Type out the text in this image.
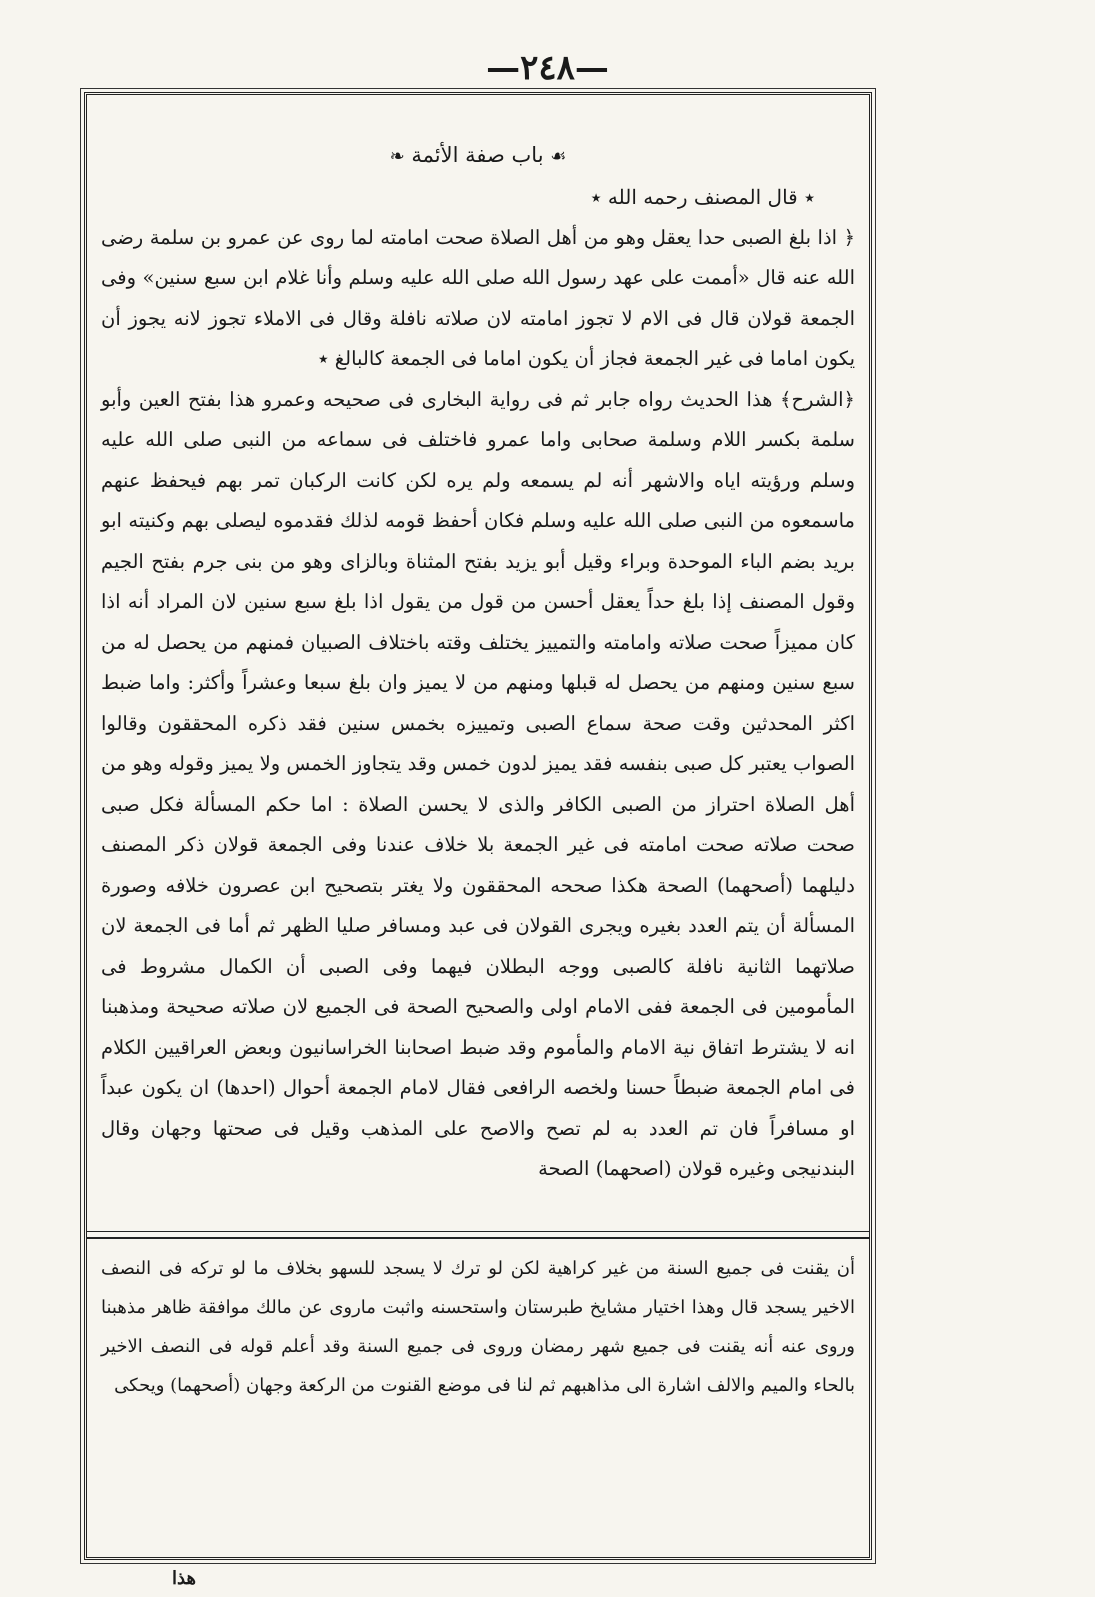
—٢٤٨—

☙ باب صفة الأئمة ❧

٭ قال المصنف رحمه الله ٭

﴿ اذا بلغ الصبى حدا يعقل وهو من أهل الصلاة صحت امامته لما روى عن عمرو بن سلمة رضى الله عنه قال «أممت على عهد رسول الله صلى الله عليه وسلم وأنا غلام ابن سبع سنين» وفى الجمعة قولان قال فى الام لا تجوز امامته لان صلاته نافلة وقال فى الاملاء تجوز لانه يجوز أن يكون اماما فى غير الجمعة فجاز أن يكون اماما فى الجمعة كالبالغ ٭

﴿الشرح﴾ هذا الحديث رواه جابر ثم فى رواية البخارى فى صحيحه وعمرو هذا بفتح العين وأبو سلمة بكسر اللام وسلمة صحابى واما عمرو فاختلف فى سماعه من النبى صلى الله عليه وسلم ورؤيته اياه والاشهر أنه لم يسمعه ولم يره لكن كانت الركبان تمر بهم فيحفظ عنهم ماسمعوه من النبى صلى الله عليه وسلم فكان أحفظ قومه لذلك فقدموه ليصلى بهم وكنيته ابو بريد بضم الباء الموحدة وبراء وقيل أبو يزيد بفتح المثناة وبالزاى وهو من بنى جرم بفتح الجيم وقول المصنف إذا بلغ حداً يعقل أحسن من قول من يقول اذا بلغ سبع سنين لان المراد أنه اذا كان مميزاً صحت صلاته وامامته والتمييز يختلف وقته باختلاف الصبيان فمنهم من يحصل له من سبع سنين ومنهم من يحصل له قبلها ومنهم من لا يميز وان بلغ سبعا وعشراً وأكثر: واما ضبط اكثر المحدثين وقت صحة سماع الصبى وتمييزه بخمس سنين فقد ذكره المحققون وقالوا الصواب يعتبر كل صبى بنفسه فقد يميز لدون خمس وقد يتجاوز الخمس ولا يميز وقوله وهو من أهل الصلاة احتراز من الصبى الكافر والذى لا يحسن الصلاة : اما حكم المسألة فكل صبى صحت صلاته صحت امامته فى غير الجمعة بلا خلاف عندنا وفى الجمعة قولان ذكر المصنف دليلهما (أصحهما) الصحة هكذا صححه المحققون ولا يغتر بتصحيح ابن عصرون خلافه وصورة المسألة أن يتم العدد بغيره ويجرى القولان فى عبد ومسافر صليا الظهر ثم أما فى الجمعة لان صلاتهما الثانية نافلة كالصبى ووجه البطلان فيهما وفى الصبى أن الكمال مشروط فى المأمومين فى الجمعة ففى الامام اولى والصحيح الصحة فى الجميع لان صلاته صحيحة ومذهبنا انه لا يشترط اتفاق نية الامام والمأموم وقد ضبط اصحابنا الخراسانيون وبعض العراقيين الكلام فى امام الجمعة ضبطاً حسنا ولخصه الرافعى فقال لامام الجمعة أحوال (احدها) ان يكون عبداً او مسافراً فان تم العدد به لم تصح والاصح على المذهب وقيل فى صحتها وجهان وقال البندنيجى وغيره قولان (اصحهما) الصحة

أن يقنت فى جميع السنة من غير كراهية لكن لو ترك لا يسجد للسهو بخلاف ما لو تركه فى النصف الاخير يسجد قال وهذا اختيار مشايخ طبرستان واستحسنه واثبت ماروى عن مالك موافقة ظاهر مذهبنا وروى عنه أنه يقنت فى جميع شهر رمضان وروى فى جميع السنة وقد أعلم قوله فى النصف الاخير بالحاء والميم والالف اشارة الى مذاهبهم ثم لنا فى موضع القنوت من الركعة وجهان (أصحهما) ويحكى
هذا
